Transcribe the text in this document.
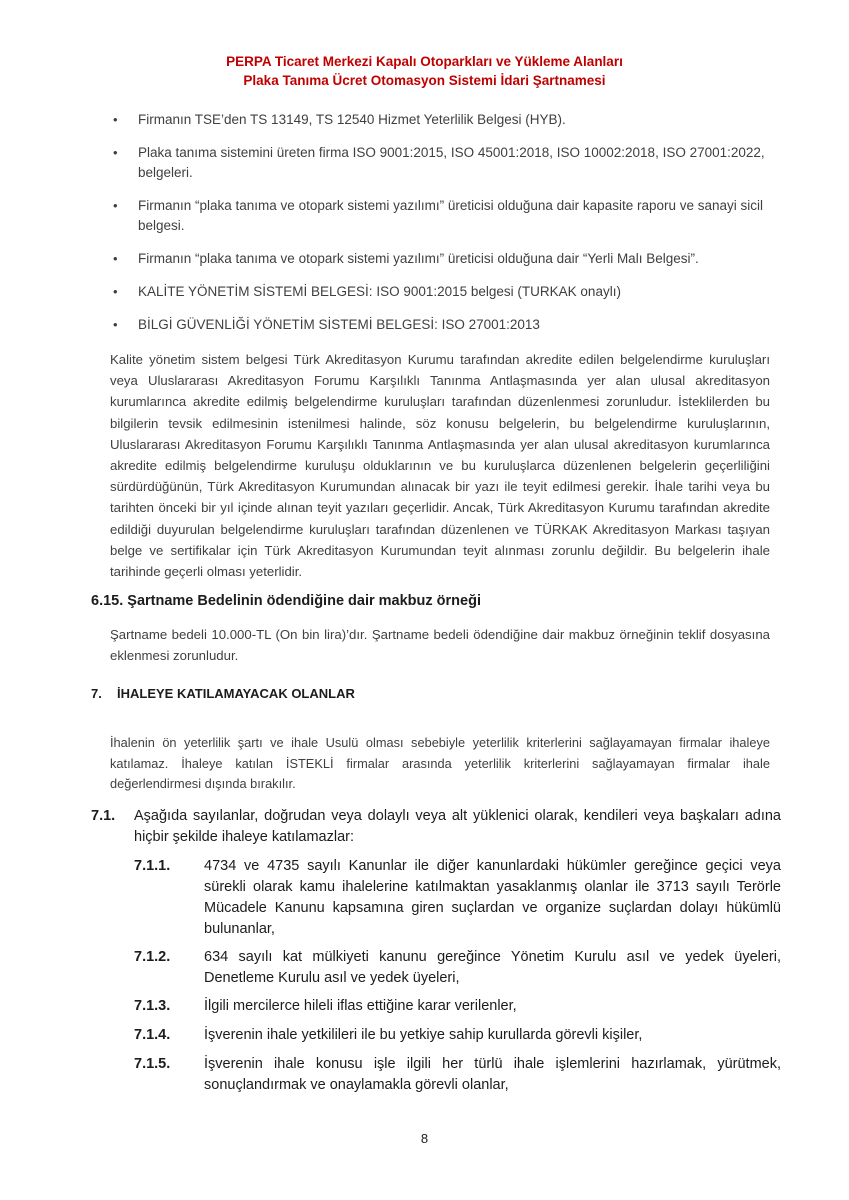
PERPA Ticaret Merkezi Kapalı Otoparkları ve Yükleme Alanları
Plaka Tanıma Ücret Otomasyon Sistemi İdari Şartnamesi
• Firmanın TSE’den TS 13149, TS 12540 Hizmet Yeterlilik Belgesi (HYB).
• Plaka tanıma sistemini üreten firma ISO 9001:2015, ISO 45001:2018, ISO 10002:2018, ISO 27001:2022, belgeleri.
• Firmanın “plaka tanıma ve otopark sistemi yazılımı” üreticisi olduğuna dair kapasite raporu ve sanayi sicil belgesi.
• Firmanın “plaka tanıma ve otopark sistemi yazılımı” üreticisi olduğuna dair “Yerli Malı Belgesi”.
• KALİTE YÖNETİM SİSTEMİ BELGESİ: ISO 9001:2015 belgesi (TURKAK onaylı)
• BİLGİ GÜVENLİĞİ YÖNETİM SİSTEMİ BELGESİ: ISO 27001:2013

Kalite yönetim sistem belgesi Türk Akreditasyon Kurumu tarafından akredite edilen belgelendirme kuruluşları veya Uluslararası Akreditasyon Forumu Karşılıklı Tanınma Antlaşmasında yer alan ulusal akreditasyon kurumlarınca akredite edilmiş belgelendirme kuruluşları tarafından düzenlenmesi zorunludur. İsteklilerden bu bilgilerin tevsik edilmesinin istenilmesi halinde, söz konusu belgelerin, bu belgelendirme kuruluşlarının, Uluslararası Akreditasyon Forumu Karşılıklı Tanınma Antlaşmasında yer alan ulusal akreditasyon kurumlarınca akredite edilmiş belgelendirme kuruluşu olduklarının ve bu kuruluşlarca düzenlenen belgelerin geçerliliğini sürdürdüğünün, Türk Akreditasyon Kurumundan alınacak bir yazı ile teyit edilmesi gerekir. İhale tarihi veya bu tarihten önceki bir yıl içinde alınan teyit yazıları geçerlidir. Ancak, Türk Akreditasyon Kurumu tarafından akredite edildiği duyurulan belgelendirme kuruluşları tarafından düzenlenen ve TÜRKAK Akreditasyon Markası taşıyan belge ve sertifikalar için Türk Akreditasyon Kurumundan teyit alınması zorunlu değildir. Bu belgelerin ihale tarihinde geçerli olması yeterlidir.

6.15. Şartname Bedelinin ödendiğine dair makbuz örneği

Şartname bedeli 10.000-TL (On bin lira)’dır. Şartname bedeli ödendiğine dair makbuz örneğinin teklif dosyasına eklenmesi zorunludur.

7. İHALEYE KATILAMAYACAK OLANLAR

İhalenin ön yeterlilik şartı ve ihale Usulü olması sebebiyle yeterlilik kriterlerini sağlayamayan firmalar ihaleye katılamaz. İhaleye katılan İSTEKLİ firmalar arasında yeterlilik kriterlerini sağlayamayan firmalar ihale değerlendirmesi dışında bırakılır.

7.1. Aşağıda sayılanlar, doğrudan veya dolaylı veya alt yüklenici olarak, kendileri veya başkaları adına hiçbir şekilde ihaleye katılamazlar:
7.1.1. 4734 ve 4735 sayılı Kanunlar ile diğer kanunlardaki hükümler gereğince geçici veya sürekli olarak kamu ihalelerine katılmaktan yasaklanmış olanlar ile 3713 sayılı Terörle Mücadele Kanunu kapsamına giren suçlardan ve organize suçlardan dolayı hükümlü bulunanlar,
7.1.2. 634 sayılı kat mülkiyeti kanunu gereğince Yönetim Kurulu asıl ve yedek üyeleri, Denetleme Kurulu asıl ve yedek üyeleri,
7.1.3. İlgili mercilerce hileli iflas ettiğine karar verilenler,
7.1.4. İşverenin ihale yetkilileri ile bu yetkiye sahip kurullarda görevli kişiler,
7.1.5. İşverenin ihale konusu işle ilgili her türlü ihale işlemlerini hazırlamak, yürütmek, sonuçlandırmak ve onaylamakla görevli olanlar,
8
